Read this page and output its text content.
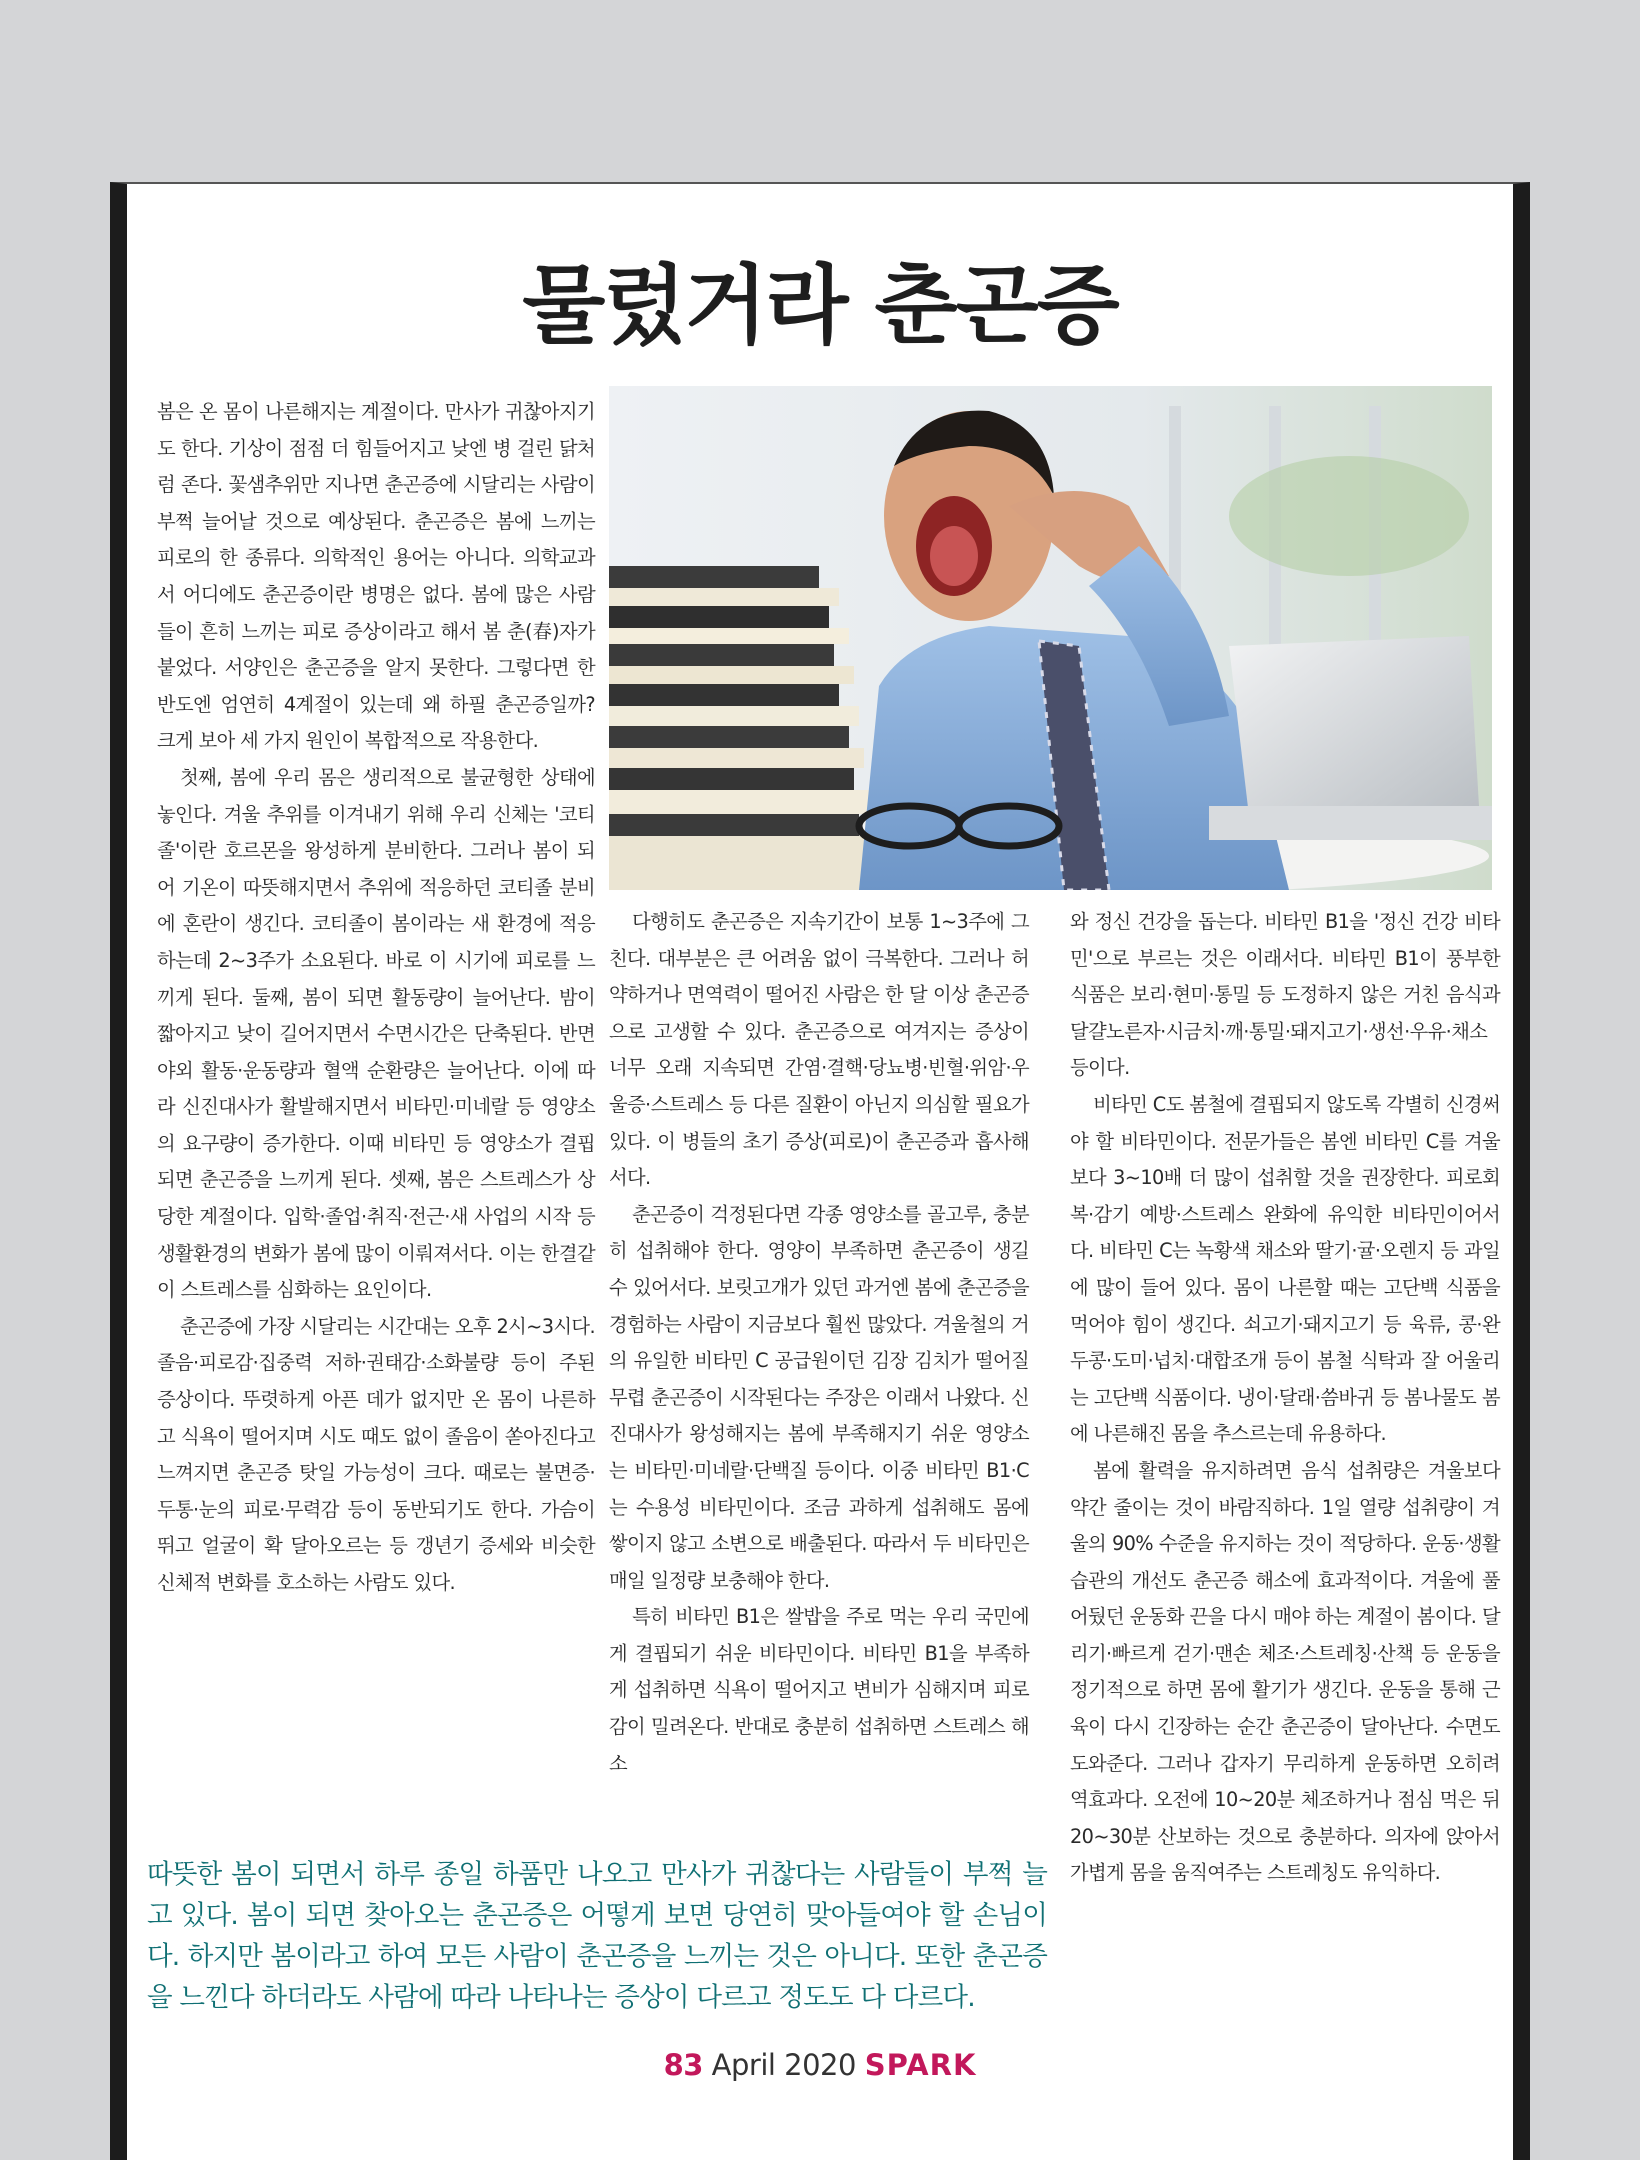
물렀거라 춘곤증

봄은 온 몸이 나른해지는 계절이다. 만사가 귀찮아지기도 한다. 기상이 점점 더 힘들어지고 낮엔 병 걸린 닭처럼 존다. 꽃샘추위만 지나면 춘곤증에 시달리는 사람이 부쩍 늘어날 것으로 예상된다. 춘곤증은 봄에 느끼는 피로의 한 종류다. 의학적인 용어는 아니다. 의학교과서 어디에도 춘곤증이란 병명은 없다. 봄에 많은 사람들이 흔히 느끼는 피로 증상이라고 해서 봄 춘(春)자가 붙었다. 서양인은 춘곤증을 알지 못한다. 그렇다면 한반도엔 엄연히 4계절이 있는데 왜 하필 춘곤증일까? 크게 보아 세 가지 원인이 복합적으로 작용한다.

첫째, 봄에 우리 몸은 생리적으로 불균형한 상태에 놓인다. 겨울 추위를 이겨내기 위해 우리 신체는 '코티졸'이란 호르몬을 왕성하게 분비한다. 그러나 봄이 되어 기온이 따뜻해지면서 추위에 적응하던 코티졸 분비에 혼란이 생긴다. 코티졸이 봄이라는 새 환경에 적응하는데 2~3주가 소요된다. 바로 이 시기에 피로를 느끼게 된다. 둘째, 봄이 되면 활동량이 늘어난다. 밤이 짧아지고 낮이 길어지면서 수면시간은 단축된다. 반면 야외 활동·운동량과 혈액 순환량은 늘어난다. 이에 따라 신진대사가 활발해지면서 비타민·미네랄 등 영양소의 요구량이 증가한다. 이때 비타민 등 영양소가 결핍되면 춘곤증을 느끼게 된다. 셋째, 봄은 스트레스가 상당한 계절이다. 입학·졸업·취직·전근·새 사업의 시작 등 생활환경의 변화가 봄에 많이 이뤄져서다. 이는 한결같이 스트레스를 심화하는 요인이다.

춘곤증에 가장 시달리는 시간대는 오후 2시~3시다. 졸음·피로감·집중력 저하·권태감·소화불량 등이 주된 증상이다. 뚜렷하게 아픈 데가 없지만 온 몸이 나른하고 식욕이 떨어지며 시도 때도 없이 졸음이 쏟아진다고 느껴지면 춘곤증 탓일 가능성이 크다. 때로는 불면증·두통·눈의 피로·무력감 등이 동반되기도 한다. 가슴이 뛰고 얼굴이 확 달아오르는 등 갱년기 증세와 비슷한 신체적 변화를 호소하는 사람도 있다.

다행히도 춘곤증은 지속기간이 보통 1~3주에 그친다. 대부분은 큰 어려움 없이 극복한다. 그러나 허약하거나 면역력이 떨어진 사람은 한 달 이상 춘곤증으로 고생할 수 있다. 춘곤증으로 여겨지는 증상이 너무 오래 지속되면 간염·결핵·당뇨병·빈혈·위암·우울증·스트레스 등 다른 질환이 아닌지 의심할 필요가 있다. 이 병들의 초기 증상(피로)이 춘곤증과 흡사해서다.

춘곤증이 걱정된다면 각종 영양소를 골고루, 충분히 섭취해야 한다. 영양이 부족하면 춘곤증이 생길 수 있어서다. 보릿고개가 있던 과거엔 봄에 춘곤증을 경험하는 사람이 지금보다 훨씬 많았다. 겨울철의 거의 유일한 비타민 C 공급원이던 김장 김치가 떨어질 무렵 춘곤증이 시작된다는 주장은 이래서 나왔다. 신진대사가 왕성해지는 봄에 부족해지기 쉬운 영양소는 비타민·미네랄·단백질 등이다. 이중 비타민 B1·C는 수용성 비타민이다. 조금 과하게 섭취해도 몸에 쌓이지 않고 소변으로 배출된다. 따라서 두 비타민은 매일 일정량 보충해야 한다.

특히 비타민 B1은 쌀밥을 주로 먹는 우리 국민에게 결핍되기 쉬운 비타민이다. 비타민 B1을 부족하게 섭취하면 식욕이 떨어지고 변비가 심해지며 피로감이 밀려온다. 반대로 충분히 섭취하면 스트레스 해소

와 정신 건강을 돕는다. 비타민 B1을 '정신 건강 비타민'으로 부르는 것은 이래서다. 비타민 B1이 풍부한 식품은 보리·현미·통밀 등 도정하지 않은 거친 음식과 달걀노른자·시금치·깨·통밀·돼지고기·생선·우유·채소 등이다.

비타민 C도 봄철에 결핍되지 않도록 각별히 신경써야 할 비타민이다. 전문가들은 봄엔 비타민 C를 겨울보다 3~10배 더 많이 섭취할 것을 권장한다. 피로회복·감기 예방·스트레스 완화에 유익한 비타민이어서다. 비타민 C는 녹황색 채소와 딸기·귤·오렌지 등 과일에 많이 들어 있다. 몸이 나른할 때는 고단백 식품을 먹어야 힘이 생긴다. 쇠고기·돼지고기 등 육류, 콩·완두콩·도미·넙치·대합조개 등이 봄철 식탁과 잘 어울리는 고단백 식품이다. 냉이·달래·씀바귀 등 봄나물도 봄에 나른해진 몸을 추스르는데 유용하다.

봄에 활력을 유지하려면 음식 섭취량은 겨울보다 약간 줄이는 것이 바람직하다. 1일 열량 섭취량이 겨울의 90% 수준을 유지하는 것이 적당하다. 운동·생활습관의 개선도 춘곤증 해소에 효과적이다. 겨울에 풀어뒀던 운동화 끈을 다시 매야 하는 계절이 봄이다. 달리기·빠르게 걷기·맨손 체조·스트레칭·산책 등 운동을 정기적으로 하면 몸에 활기가 생긴다. 운동을 통해 근육이 다시 긴장하는 순간 춘곤증이 달아난다. 수면도 도와준다. 그러나 갑자기 무리하게 운동하면 오히려 역효과다. 오전에 10~20분 체조하거나 점심 먹은 뒤 20~30분 산보하는 것으로 충분하다. 의자에 앉아서 가볍게 몸을 움직여주는 스트레칭도 유익하다.

따뜻한 봄이 되면서 하루 종일 하품만 나오고 만사가 귀찮다는 사람들이 부쩍 늘고 있다. 봄이 되면 찾아오는 춘곤증은 어떻게 보면 당연히 맞아들여야 할 손님이다. 하지만 봄이라고 하여 모든 사람이 춘곤증을 느끼는 것은 아니다. 또한 춘곤증을 느낀다 하더라도 사람에 따라 나타나는 증상이 다르고 정도도 다 다르다.
83 April 2020 SPARK
